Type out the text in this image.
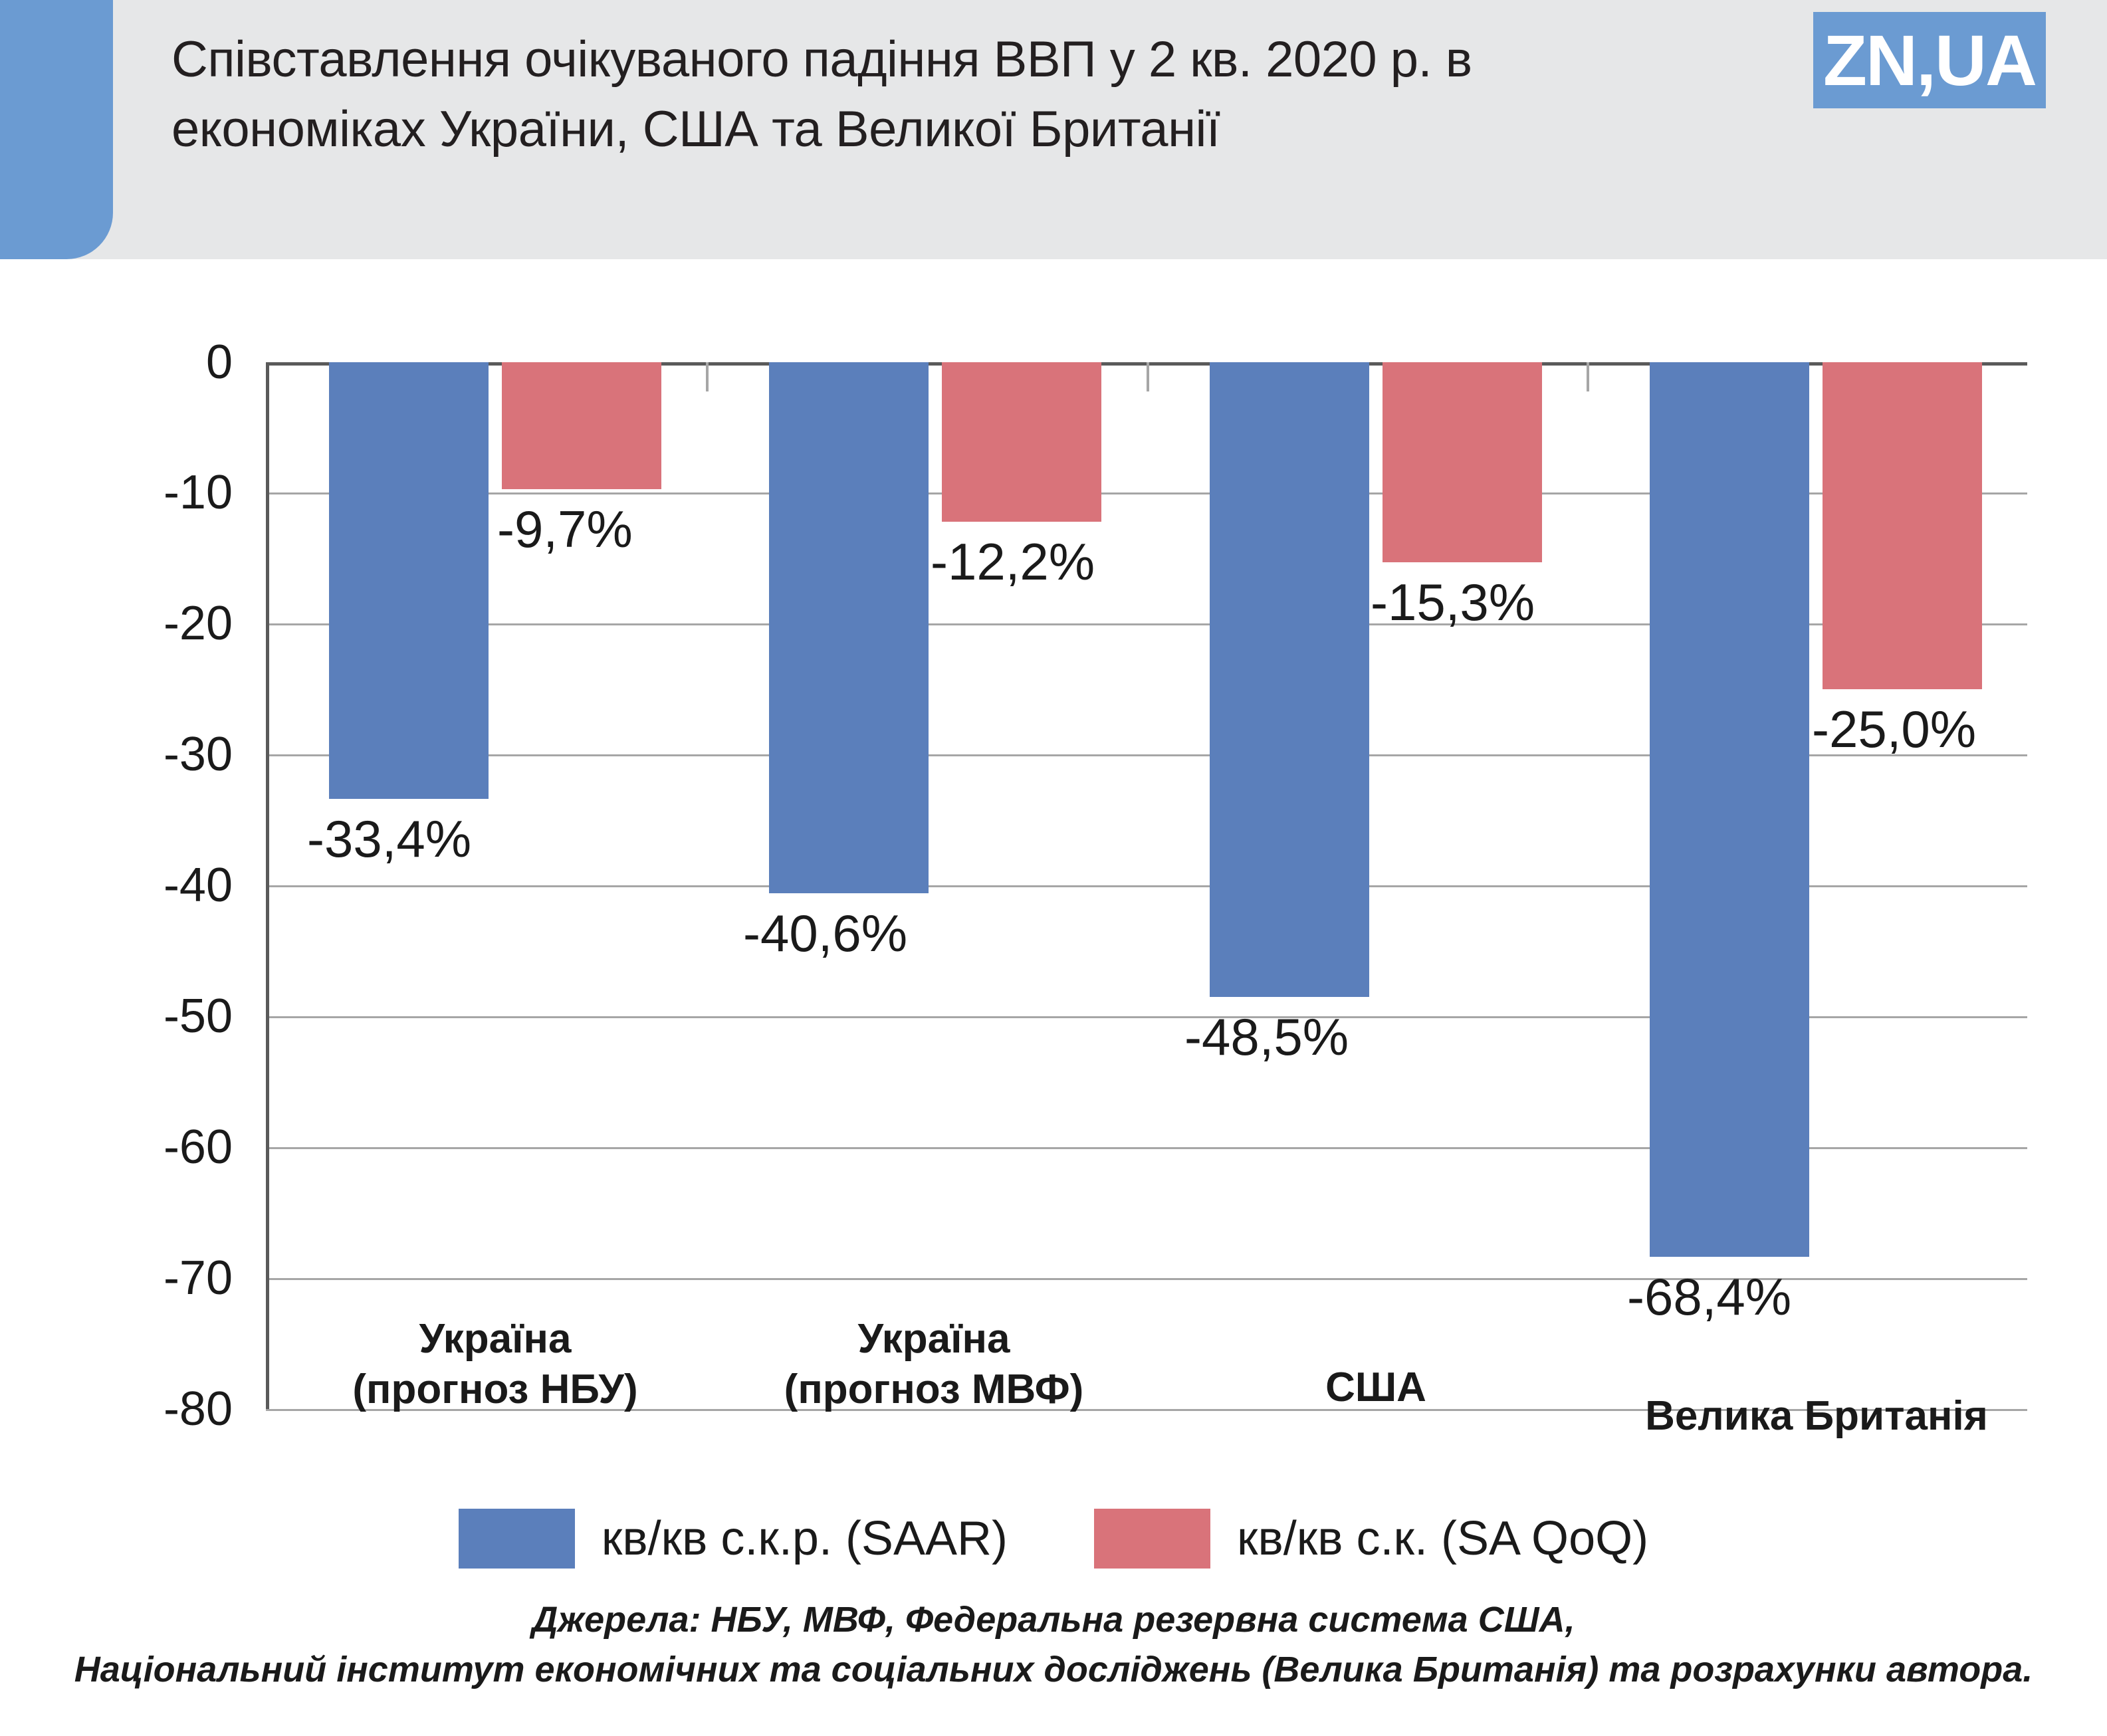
Співставлення очікуваного падіння ВВП у 2 кв. 2020 р. в економіках України, США та Великої Британії
ZN,UA
0
-10
-20
-30
-40
-50
-60
-70
-80
-33,4%
-9,7%
-40,6%
-12,2%
-48,5%
-15,3%
-68,4%
-25,0%
Україна
(прогноз НБУ)
Україна
(прогноз МВФ)	США
Велика Британія
кв/кв с.к.р. (SAAR)	кв/кв с.к. (SA QoQ)
Джерела: НБУ, МВФ, Федеральна резервна система США,
Національний інститут економічних та соціальних досліджень (Велика Британія) та розрахунки автора.
